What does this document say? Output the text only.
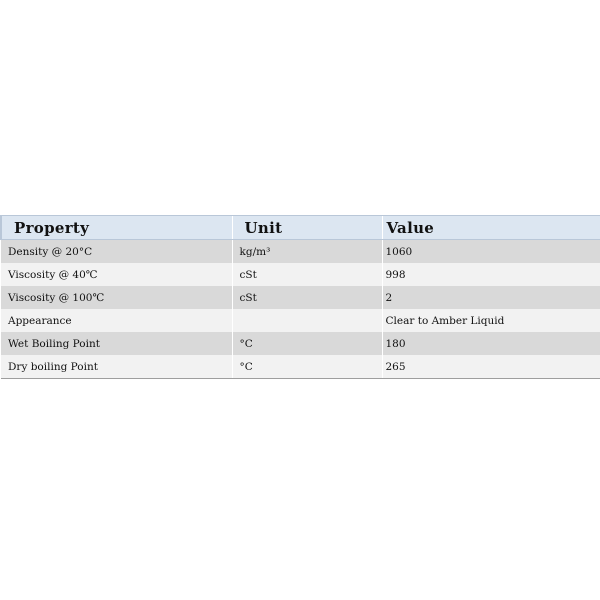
Property	Unit	Value
Density @ 20°C	kg/m³	1060
Viscosity @ 40℃	cSt	998
Viscosity @ 100℃	cSt	2
Appearance		Clear to Amber Liquid
Wet Boiling Point	°C	180
Dry boiling Point	°C	265
